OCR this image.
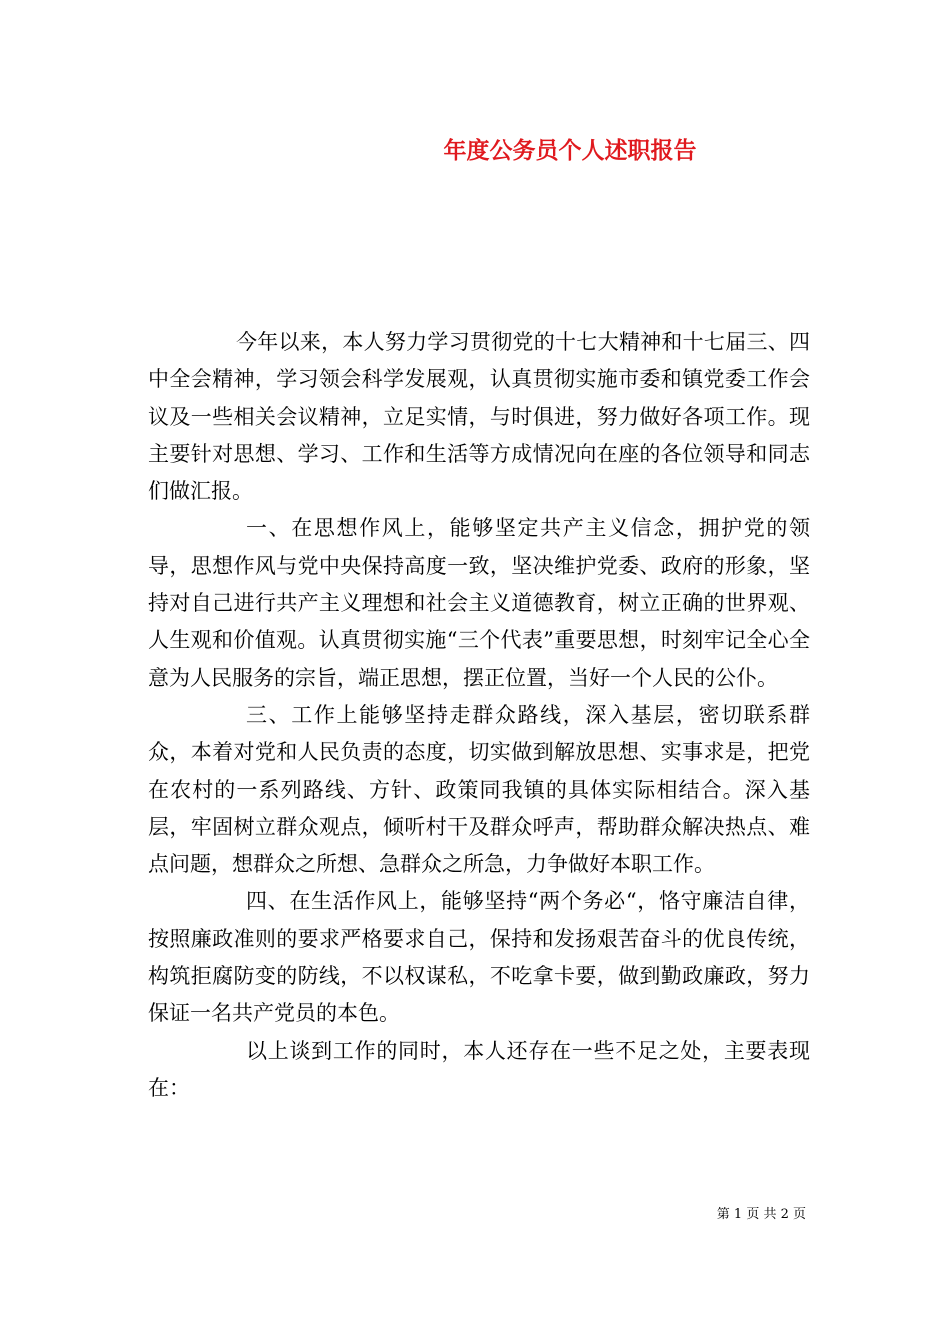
年度公务员个人述职报告

今年以来，本人努力学习贯彻党的十七大精神和十七届三、四中全会精神，学习领会科学发展观，认真贯彻实施市委和镇党委工作会议及一些相关会议精神，立足实情，与时俱进，努力做好各项工作。现主要针对思想、学习、工作和生活等方成情况向在座的各位领导和同志们做汇报。

一、在思想作风上，能够坚定共产主义信念，拥护党的领导，思想作风与党中央保持高度一致，坚决维护党委、政府的形象，坚持对自己进行共产主义理想和社会主义道德教育，树立正确的世界观、人生观和价值观。认真贯彻实施“三个代表”重要思想，时刻牢记全心全意为人民服务的宗旨，端正思想，摆正位置，当好一个人民的公仆。

三、工作上能够坚持走群众路线，深入基层，密切联系群众，本着对党和人民负责的态度，切实做到解放思想、实事求是，把党在农村的一系列路线、方针、政策同我镇的具体实际相结合。深入基层，牢固树立群众观点，倾听村干及群众呼声，帮助群众解决热点、难点问题，想群众之所想、急群众之所急，力争做好本职工作。

四、在生活作风上，能够坚持“两个务必“，恪守廉洁自律，按照廉政准则的要求严格要求自己，保持和发扬艰苦奋斗的优良传统，构筑拒腐防变的防线，不以权谋私，不吃拿卡要，做到勤政廉政，努力保证一名共产党员的本色。

以上谈到工作的同时，本人还存在一些不足之处，主要表现在：

第 1 页 共 2 页
